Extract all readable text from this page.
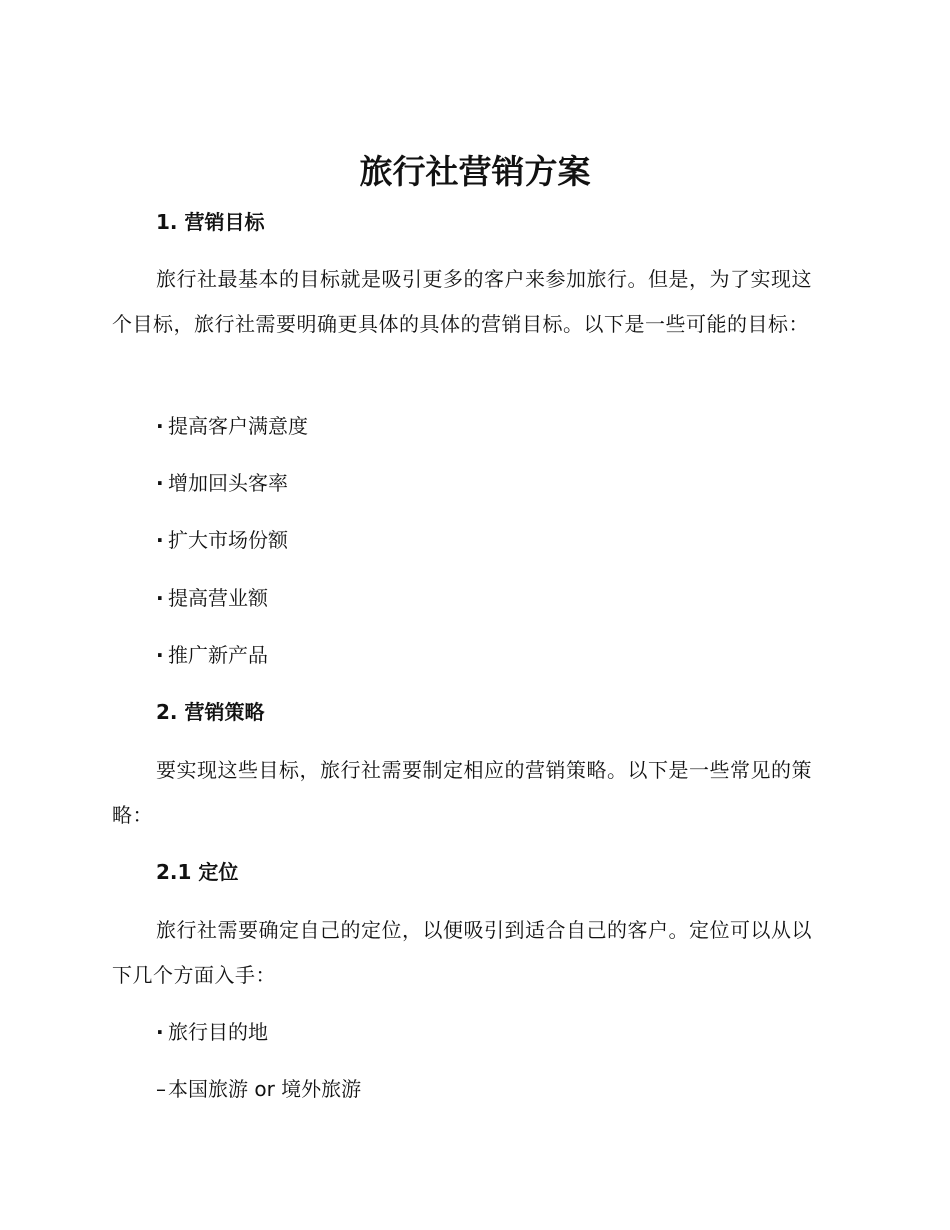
旅行社营销方案
1. 营销目标

旅行社最基本的目标就是吸引更多的客户来参加旅行。但是，为了实现这个目标，旅行社需要明确更具体的具体的营销目标。以下是一些可能的目标：

· 提高客户满意度
· 增加回头客率
· 扩大市场份额
· 提高营业额
· 推广新产品
2. 营销策略

要实现这些目标，旅行社需要制定相应的营销策略。以下是一些常见的策略：

2.1 定位

旅行社需要确定自己的定位，以便吸引到适合自己的客户。定位可以从以下几个方面入手：

· 旅行目的地
– 本国旅游 or 境外旅游
